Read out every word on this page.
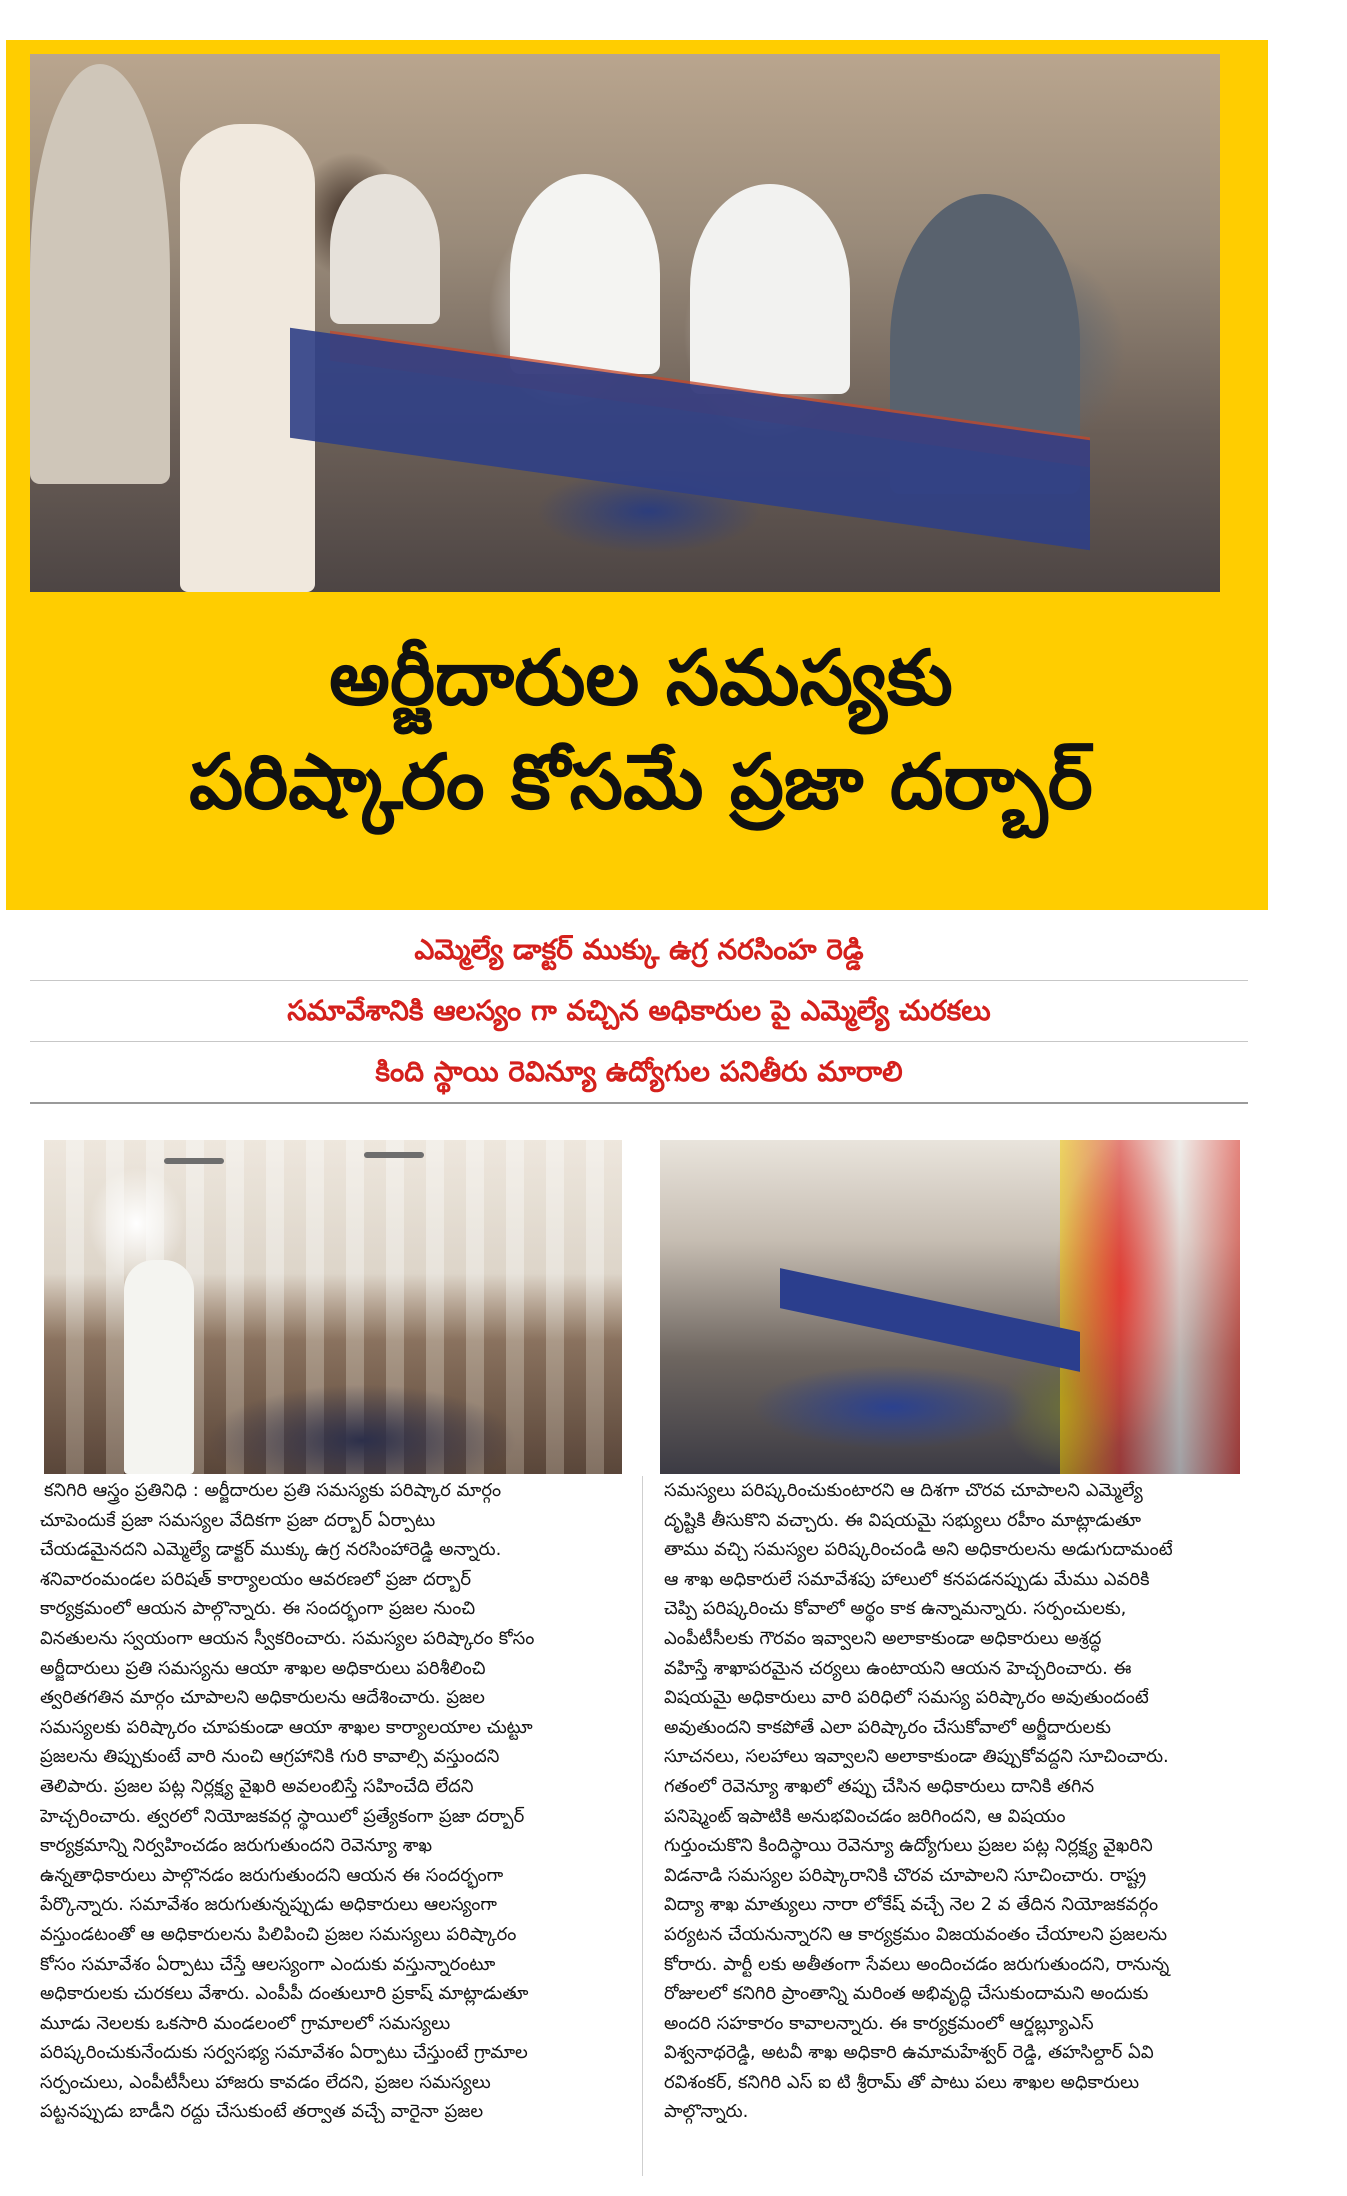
అర్జీదారుల సమస్యకు
పరిష్కారం కోసమే ప్రజా దర్బార్
ఎమ్మెల్యే డాక్టర్ ముక్కు ఉగ్ర నరసింహ రెడ్డి
సమావేశానికి ఆలస్యం గా వచ్చిన అధికారుల పై ఎమ్మెల్యే చురకలు
కింది స్థాయి రెవిన్యూ ఉద్యోగుల పనితీరు మారాలి
కనిగిరి ఆస్త్రం ప్రతినిధి : అర్జీదారుల ప్రతి సమస్యకు పరిష్కార మార్గం
చూపెందుకే ప్రజా సమస్యల వేదికగా ప్రజా దర్బార్ ఏర్పాటు
చేయడమైనదని ఎమ్మెల్యే డాక్టర్ ముక్కు ఉగ్ర నరసింహారెడ్డి అన్నారు.
శనివారంమండల పరిషత్ కార్యాలయం ఆవరణలో ప్రజా దర్బార్
కార్యక్రమంలో ఆయన పాల్గొన్నారు. ఈ సందర్భంగా ప్రజల నుంచి
వినతులను స్వయంగా ఆయన స్వీకరించారు. సమస్యల పరిష్కారం కోసం
అర్జీదారులు ప్రతి సమస్యను ఆయా శాఖల అధికారులు పరిశీలించి
త్వరితగతిన మార్గం చూపాలని అధికారులను ఆదేశించారు. ప్రజల
సమస్యలకు పరిష్కారం చూపకుండా ఆయా శాఖల కార్యాలయాల చుట్టూ
ప్రజలను తిప్పుకుంటే వారి నుంచి ఆగ్రహానికి గురి కావాల్సి వస్తుందని
తెలిపారు. ప్రజల పట్ల నిర్లక్ష్య వైఖరి అవలంబిస్తే సహించేది లేదని
హెచ్చరించారు. త్వరలో నియోజకవర్గ స్థాయిలో ప్రత్యేకంగా ప్రజా దర్బార్
కార్యక్రమాన్ని నిర్వహించడం జరుగుతుందని రెవెన్యూ శాఖ
ఉన్నతాధికారులు పాల్గొనడం జరుగుతుందని ఆయన ఈ సందర్భంగా
పేర్కొన్నారు. సమావేశం జరుగుతున్నప్పుడు అధికారులు ఆలస్యంగా
వస్తుండటంతో ఆ అధికారులను పిలిపించి ప్రజల సమస్యలు పరిష్కారం
కోసం సమావేశం ఏర్పాటు చేస్తే ఆలస్యంగా ఎందుకు వస్తున్నారంటూ
అధికారులకు చురకలు వేశారు. ఎంపీపీ దంతులూరి ప్రకాష్ మాట్లాడుతూ
మూడు నెలలకు ఒకసారి మండలంలో గ్రామాలలో సమస్యలు
పరిష్కరించుకునేందుకు సర్వసభ్య సమావేశం ఏర్పాటు చేస్తుంటే గ్రామాల
సర్పంచులు, ఎంపీటీసీలు హాజరు కావడం లేదని, ప్రజల సమస్యలు
పట్టనప్పుడు బాడీని రద్దు చేసుకుంటే తర్వాత వచ్చే వారైనా ప్రజల
సమస్యలు పరిష్కరించుకుంటారని ఆ దిశగా చొరవ చూపాలని ఎమ్మెల్యే
దృష్టికి తీసుకొని వచ్చారు. ఈ విషయమై సభ్యులు రహీం మాట్లాడుతూ
తాము వచ్చి సమస్యల పరిష్కరించండి అని అధికారులను అడుగుదామంటే
ఆ శాఖ అధికారులే సమావేశపు హాలులో కనపడనప్పుడు మేము ఎవరికి
చెప్పి పరిష్కరించు కోవాలో అర్థం కాక ఉన్నామన్నారు. సర్పంచులకు,
ఎంపీటీసీలకు గౌరవం ఇవ్వాలని అలాకాకుండా అధికారులు అశ్రద్ధ
వహిస్తే శాఖాపరమైన చర్యలు ఉంటాయని ఆయన హెచ్చరించారు. ఈ
విషయమై అధికారులు వారి పరిధిలో సమస్య పరిష్కారం అవుతుందంటే
అవుతుందని కాకపోతే ఎలా పరిష్కారం చేసుకోవాలో అర్జీదారులకు
సూచనలు, సలహాలు ఇవ్వాలని అలాకాకుండా తిప్పుకోవద్దని సూచించారు.
గతంలో రెవెన్యూ శాఖలో తప్పు చేసిన అధికారులు దానికి తగిన
పనిష్మెంట్ ఇపాటికి అనుభవించడం జరిగిందని, ఆ విషయం
గుర్తుంచుకొని కిందిస్థాయి రెవెన్యూ ఉద్యోగులు ప్రజల పట్ల నిర్లక్ష్య వైఖరిని
విడనాడి సమస్యల పరిష్కారానికి చొరవ చూపాలని సూచించారు. రాష్ట్ర
విద్యా శాఖ మాత్యులు నారా లోకేష్ వచ్చే నెల 2 వ తేదిన నియోజకవర్గం
పర్యటన చేయనున్నారని ఆ కార్యక్రమం విజయవంతం చేయాలని ప్రజలను
కోరారు. పార్టీ లకు అతీతంగా సేవలు అందించడం జరుగుతుందని, రానున్న
రోజులలో కనిగిరి ప్రాంతాన్ని మరింత అభివృద్ధి చేసుకుందామని అందుకు
అందరి సహకారం కావాలన్నారు. ఈ కార్యక్రమంలో ఆర్డబ్ల్యూఎస్
విశ్వనాథరెడ్డి, అటవీ శాఖ అధికారి ఉమామహేశ్వర్ రెడ్డి, తహసిల్దార్ ఏవి
రవిశంకర్, కనిగిరి ఎస్ ఐ టి శ్రీరామ్ తో పాటు పలు శాఖల అధికారులు
పాల్గొన్నారు.
